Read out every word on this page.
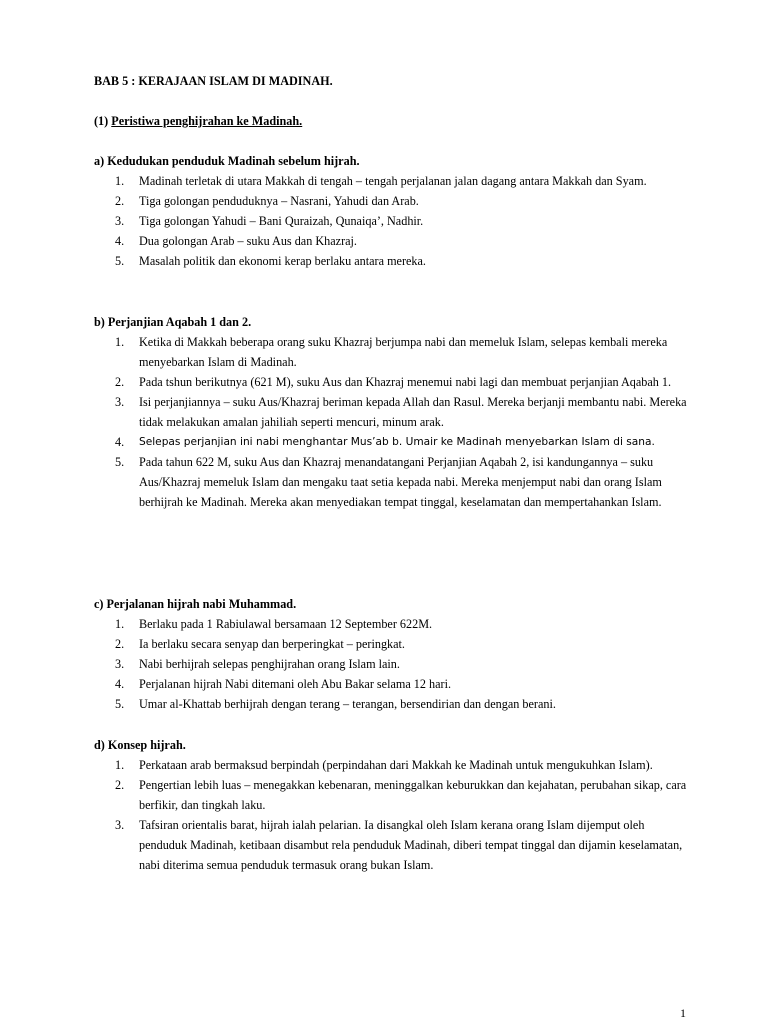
BAB 5 : KERAJAAN ISLAM DI MADINAH.

(1) Peristiwa penghijrahan ke Madinah.

a) Kedudukan penduduk Madinah sebelum hijrah.
1. Madinah terletak di utara Makkah di tengah – tengah perjalanan jalan dagang antara Makkah dan Syam.
2. Tiga golongan penduduknya – Nasrani, Yahudi dan Arab.
3. Tiga golongan Yahudi – Bani Quraizah, Qunaiqa’, Nadhir.
4. Dua golongan Arab – suku Aus dan Khazraj.
5. Masalah politik dan ekonomi kerap berlaku antara mereka.
b) Perjanjian Aqabah 1 dan 2.
1. Ketika di Makkah beberapa orang suku Khazraj berjumpa nabi dan memeluk Islam, selepas kembali mereka menyebarkan Islam di Madinah.
2. Pada tshun berikutnya (621 M), suku Aus dan Khazraj menemui nabi lagi dan membuat perjanjian Aqabah 1.
3. Isi perjanjiannya – suku Aus/Khazraj beriman kepada Allah dan Rasul. Mereka berjanji membantu nabi. Mereka tidak melakukan amalan jahiliah seperti mencuri, minum arak.
4. Selepas perjanjian ini nabi menghantar Mus’ab b. Umair ke Madinah menyebarkan Islam di sana.
5. Pada tahun 622 M, suku Aus dan Khazraj menandatangani Perjanjian Aqabah 2, isi kandungannya – suku Aus/Khazraj memeluk Islam dan mengaku taat setia kepada nabi. Mereka menjemput nabi dan orang Islam berhijrah ke Madinah. Mereka akan menyediakan tempat tinggal, keselamatan dan mempertahankan Islam.
c) Perjalanan hijrah nabi Muhammad.
1. Berlaku pada 1 Rabiulawal bersamaan 12 September 622M.
2. Ia berlaku secara senyap dan berperingkat – peringkat.
3. Nabi berhijrah selepas penghijrahan orang Islam lain.
4. Perjalanan hijrah Nabi ditemani oleh Abu Bakar selama 12 hari.
5. Umar al-Khattab berhijrah dengan terang – terangan, bersendirian dan dengan berani.
d) Konsep hijrah.
1. Perkataan arab bermaksud berpindah (perpindahan dari Makkah ke Madinah untuk mengukuhkan Islam).
2. Pengertian lebih luas – menegakkan kebenaran, meninggalkan keburukkan dan kejahatan, perubahan sikap, cara berfikir, dan tingkah laku.
3. Tafsiran orientalis barat, hijrah ialah pelarian. Ia disangkal oleh Islam kerana orang Islam dijemput oleh penduduk Madinah, ketibaan disambut rela penduduk Madinah, diberi tempat tinggal dan dijamin keselamatan, nabi diterima semua penduduk termasuk orang bukan Islam.
1
